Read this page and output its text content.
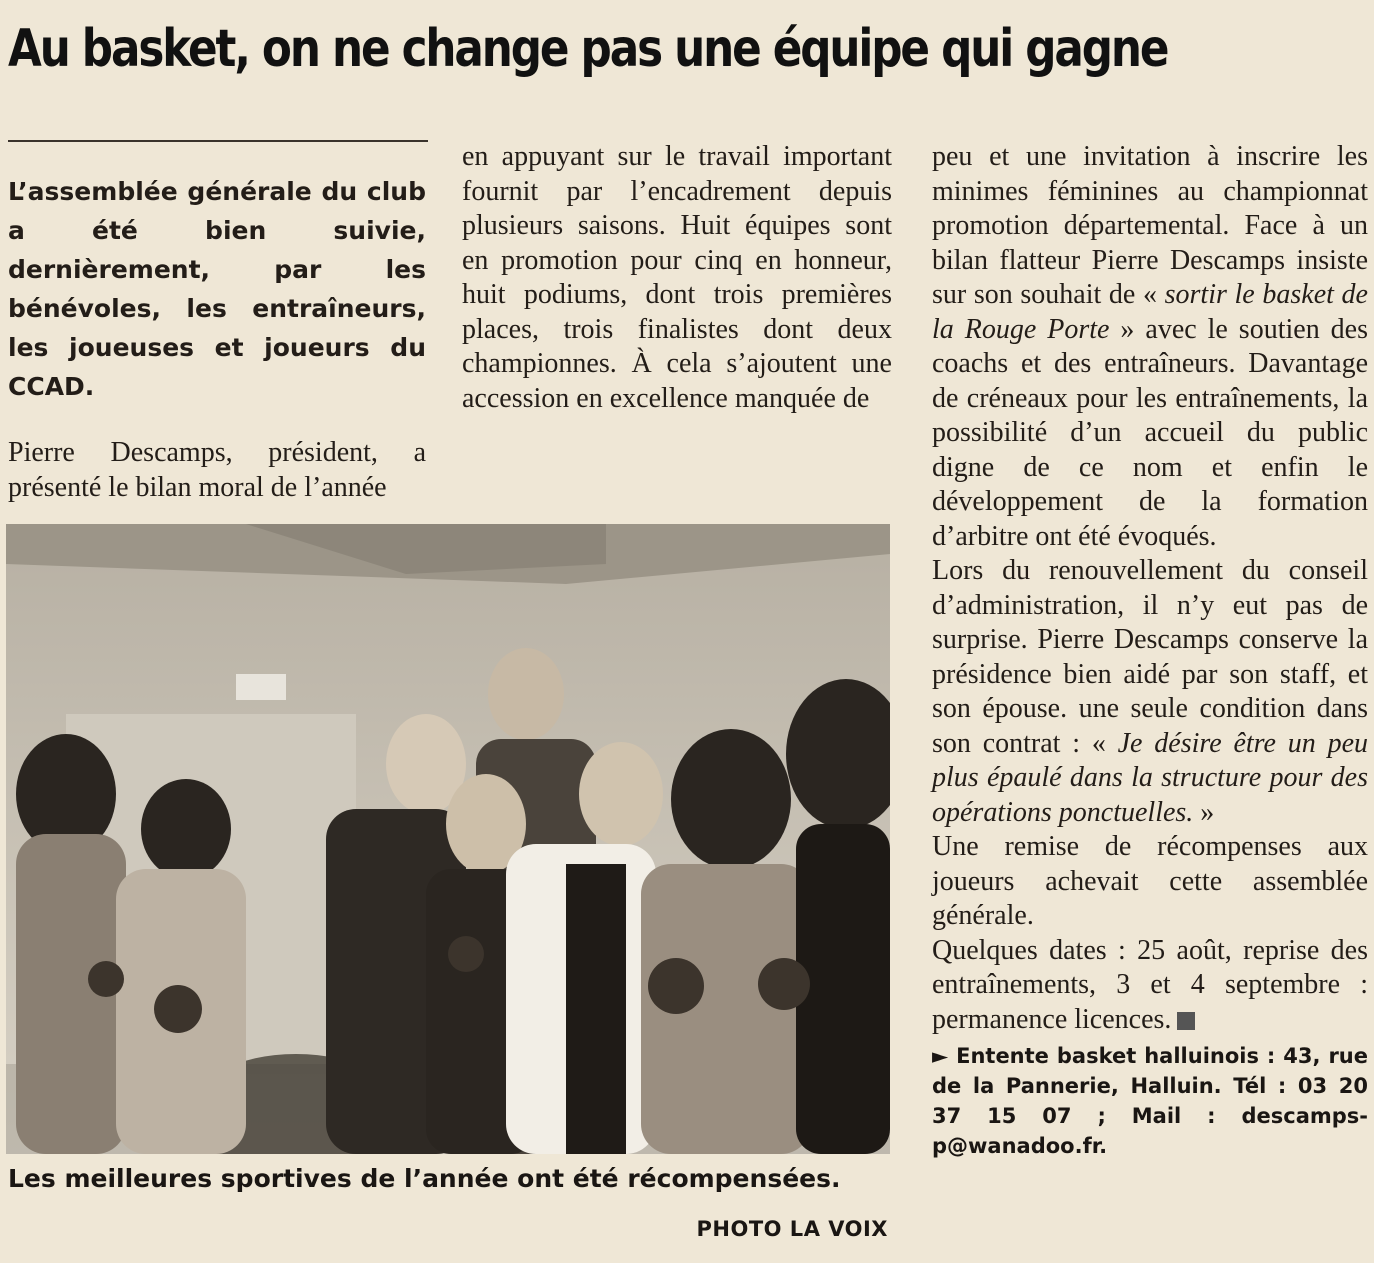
Au basket, on ne change pas une équipe qui gagne

L’assemblée générale du club a été bien suivie, dernièrement, par les bénévoles, les entraîneurs, les joueuses et joueurs du CCAD.

Pierre Descamps, président, a présenté le bilan moral de l’année

en appuyant sur le travail important fournit par l’encadrement depuis plusieurs saisons. Huit équipes sont en promotion pour cinq en honneur, huit podiums, dont trois premières places, trois finalistes dont deux championnes. À cela s’ajoutent une accession en excellence manquée de

peu et une invitation à inscrire les minimes féminines au championnat promotion départemental. Face à un bilan flatteur Pierre Descamps insiste sur son souhait de « sortir le basket de la Rouge Porte » avec le soutien des coachs et des entraîneurs. Davantage de créneaux pour les entraînements, la possibilité d’un accueil du public digne de ce nom et enfin le développement de la formation d’arbitre ont été évoqués.

Lors du renouvellement du conseil d’administration, il n’y eut pas de surprise. Pierre Descamps conserve la présidence bien aidé par son staff, et son épouse. une seule condition dans son contrat : « Je désire être un peu plus épaulé dans la structure pour des opérations ponctuelles. »

Une remise de récompenses aux joueurs achevait cette assemblée générale.

Quelques dates : 25 août, reprise des entraînements, 3 et 4 septembre : permanence licences.

► Entente basket halluinois : 43, rue de la Pannerie, Halluin. Tél : 03 20 37 15 07 ; Mail : descamps-p@wanadoo.fr.

Les meilleures sportives de l’année ont été récompensées.
PHOTO LA VOIX
